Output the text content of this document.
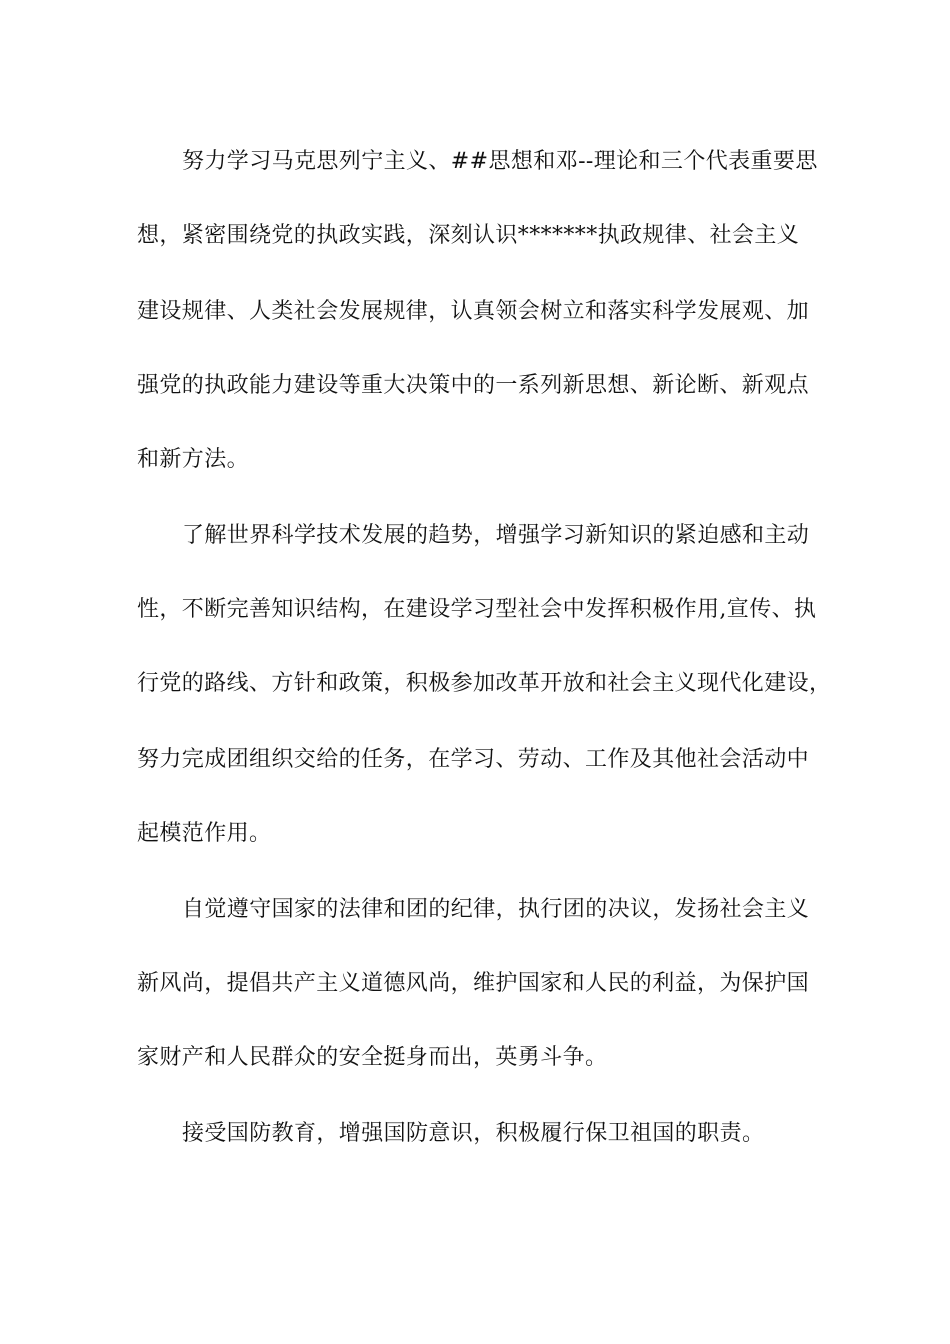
努力学习马克思列宁主义、##思想和邓--理论和三个代表重要思
想，紧密围绕党的执政实践，深刻认识*******执政规律、社会主义
建设规律、人类社会发展规律，认真领会树立和落实科学发展观、加
强党的执政能力建设等重大决策中的一系列新思想、新论断、新观点
和新方法。
了解世界科学技术发展的趋势，增强学习新知识的紧迫感和主动
性，不断完善知识结构，在建设学习型社会中发挥积极作用,宣传、执
行党的路线、方针和政策，积极参加改革开放和社会主义现代化建设，
努力完成团组织交给的任务，在学习、劳动、工作及其他社会活动中
起模范作用。
自觉遵守国家的法律和团的纪律，执行团的决议，发扬社会主义
新风尚，提倡共产主义道德风尚，维护国家和人民的利益，为保护国
家财产和人民群众的安全挺身而出，英勇斗争。
接受国防教育，增强国防意识，积极履行保卫祖国的职责。
